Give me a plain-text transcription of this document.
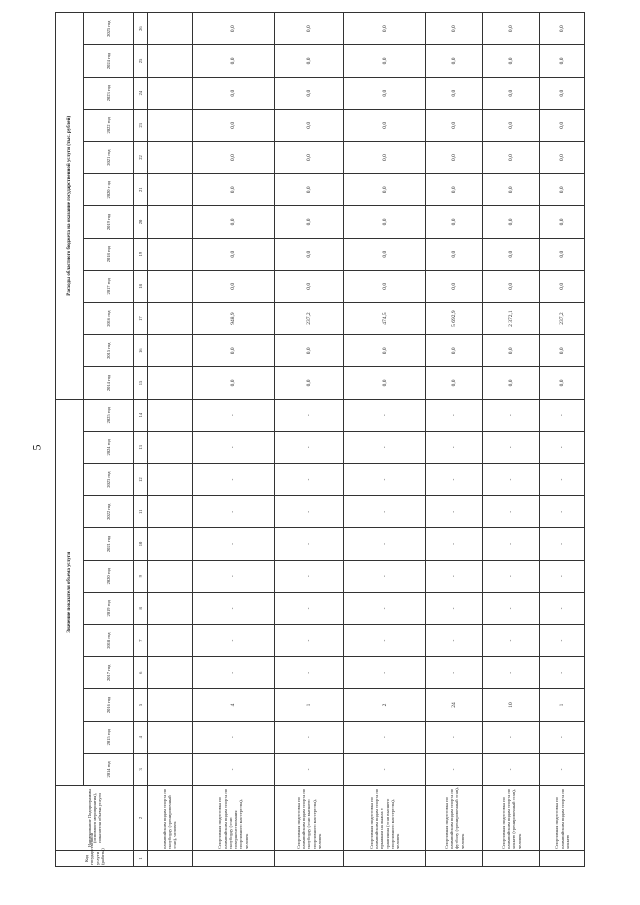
5
Код государственной услуги (работы)	Наименование Подпрограммы (основного мероприятия), показателя объема услуги	Значение показателя объема услуги												Расходы областного бюджета на оказание государственной услуги (тыс. рублей)											
		2014 год	2015 год	2016 год	2017 год	2018 год	2019 год	2020 год	2021 год	2022 год	2023 год	2024 год	2025 год	2014 год	2015 год	2016 год	2017 год	2018 год	2019 год	2020 г од	2021 год	2022 год	2023 год	2024 год	2025 год
1	2	3	4	5	6	7	8	9	10	11	12	13	14	15	16	17	18	19	20	21	22	23	24	25	26
	олимпийским видам спорта по сноуборду (тренировочный этап), человек																								
	Спортивная подготовка по олимпийским видам спорта по сноуборду (этап совершенствования спортивного мастерства), человек	-	-	4	-	-	-	-	-	-	-	-	-	0,0	0,0	948,9	0,0	0,0	0,0	0,0	0,0	0,0	0,0	0,0	0,0
	Спортивная подготовка по олимпийским видам спорта по сноуборду (этап высшего спортивного мастерства), человек	-	-	1	-	-	-	-	-	-	-	-	-	0,0	0,0	237,2	0,0	0,0	0,0	0,0	0,0	0,0	0,0	0,0	0,0
	Спортивная подготовка по олимпийским видам спорта по прыжкам на лыжах с трамплина (этап высшего спортивного мастерства), человек	-	-	2	-	-	-	-	-	-	-	-	-	0,0	0,0	474,5	0,0	0,0	0,0	0,0	0,0	0,0	0,0	0,0	0,0
	Спортивная подготовка по олимпийским видам спорта по футболу (тренировочный этап), человек	-	-	24	-	-	-	-	-	-	-	-	-	0,0	0,0	5 692,9	0,0	0,0	0,0	0,0	0,0	0,0	0,0	0,0	0,0
	Спортивная подготовка по олимпийским видам спорта по хоккею (тренировочный этап), человек	-	-	10	-	-	-	-	-	-	-	-	-	0,0	0,0	2 372,1	0,0	0,0	0,0	0,0	0,0	0,0	0,0	0,0	0,0
	Спортивная подготовка по олимпийским видам спорта по хоккею	-	-	1	-	-	-	-	-	-	-	-	-	0,0	0,0	237,2	0,0	0,0	0,0	0,0	0,0	0,0	0,0	0,0	0,0
